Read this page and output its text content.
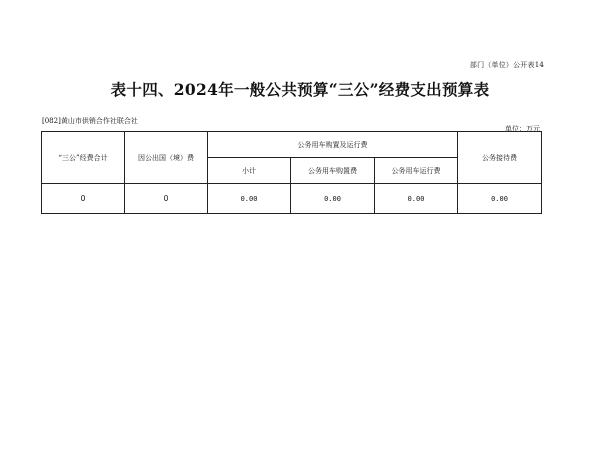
部门（单位）公开表14
表十四、2024年一般公共预算“三公”经费支出预算表
[082]黄山市供销合作社联合社
单位：万元
“三公”经费合计	因公出国（境）费	公务用车购置及运行费			公务接待费
		小计	公务用车购置费	公务用车运行费	
0	0	0.00	0.00	0.00	0.00
